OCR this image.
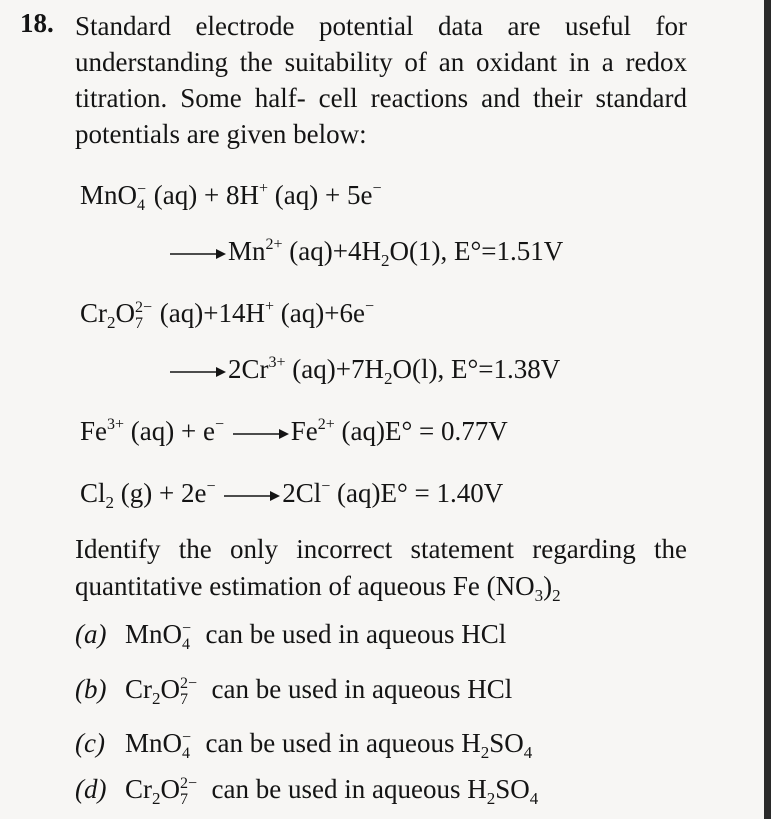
18. Standard electrode potential data are useful for understanding the suitability of an oxidant in a redox titration. Some half- cell reactions and their standard potentials are given below:
MnO −
4 (aq) + 8H+ (aq) + 5e−
$Mn^{2+}$ $(aq)+4H_2O(1)$, E°=1.51V
$Cr_2O$ 2−
7 (aq)+14H+ (aq)+6e−
$2Cr^{3+}$ $(aq)+7H_2O(l)$, E°=1.38V
$Fe^{3+}$ (aq) + e− $Fe^{2+}$ (aq)E° = 0.77V
$Cl_2$ (g) + 2e− 2Cl− (aq)E° = 1.40V
Identify the only incorrect statement regarding the quantitative estimation of aqueous Fe $(NO_3)_2$
(a) MnO −
4 can be used in aqueous HCl
(b) $Cr_2O$ 2−
7 can be used in aqueous HCl
(c) MnO −
4 can be used in aqueous $H_2SO_4$
(d) $Cr_2O$ 2−
7 can be used in aqueous $H_2SO_4$
